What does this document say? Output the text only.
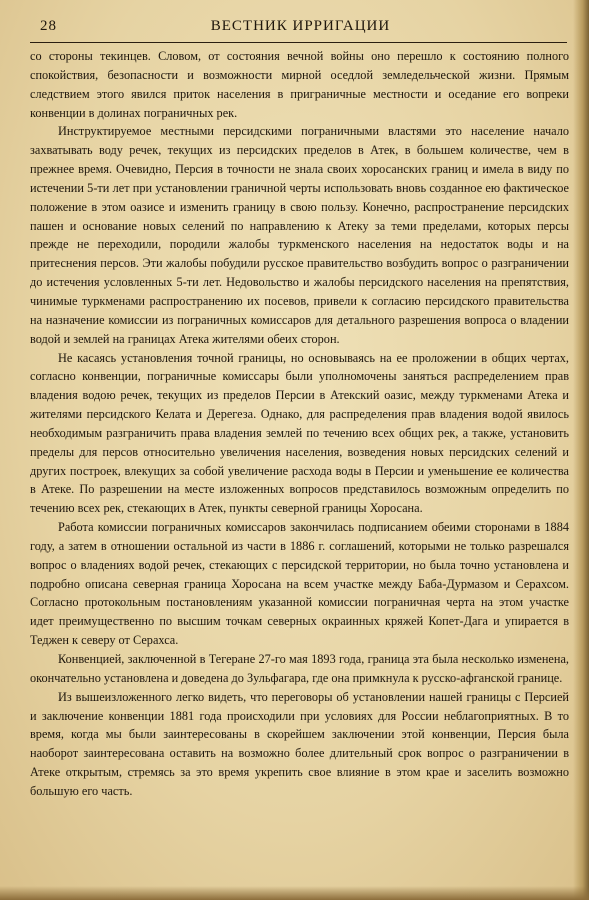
28	ВЕСТНИК ИРРИГАЦИИ

со стороны текинцев. Словом, от состояния вечной войны оно перешло к состоянию полного спокойствия, безопасности и возможности мирной оседлой земледельческой жизни. Прямым следствием этого явился приток населения в приграничные местности и оседание его вопреки конвенции в долинах пограничных рек.

Инструктируемое местными персидскими пограничными властями это население начало захватывать воду речек, текущих из персидских пределов в Атек, в большем количестве, чем в прежнее время. Очевидно, Персия в точности не знала своих хоросанских границ и имела в виду по истечении 5-ти лет при установлении граничной черты использовать вновь созданное ею фактическое положение в этом оазисе и изменить границу в свою пользу. Конечно, распространение персидских пашен и основание новых селений по направлению к Атеку за теми пределами, которых персы прежде не переходили, породили жалобы туркменского населения на недостаток воды и на притеснения персов. Эти жалобы побудили русское правительство возбудить вопрос о разграничении до истечения условленных 5-ти лет. Недовольство и жалобы персидского населения на препятствия, чинимые туркменами распространению их посевов, привели к согласию персидского правительства на назначение комиссии из пограничных комиссаров для детального разрешения вопроса о владении водой и землей на границах Атека жителями обеих сторон.

Не касаясь установления точной границы, но основываясь на ее проложении в общих чертах, согласно конвенции, пограничные комиссары были уполномочены заняться распределением прав владения водою речек, текущих из пределов Персии в Атекский оазис, между туркменами Атека и жителями персидского Келата и Дерегеза. Однако, для распределения прав владения водой явилось необходимым разграничить права владения землей по течению всех общих рек, а также, установить пределы для персов относительно увеличения населения, возведения новых персидских селений и других построек, влекущих за собой увеличение расхода воды в Персии и уменьшение ее количества в Атеке. По разрешении на месте изложенных вопросов представилось возможным определить по течению всех рек, стекающих в Атек, пункты северной границы Хоросана.

Работа комиссии пограничных комиссаров закончилась подписанием обеими сторонами в 1884 году, а затем в отношении остальной из части в 1886 г. соглашений, которыми не только разрешался вопрос о владениях водой речек, стекающих с персидской территории, но была точно установлена и подробно описана северная граница Хоросана на всем участке между Баба-Дурмазом и Серахсом. Согласно протокольным постановлениям указанной комиссии пограничная черта на этом участке идет преимущественно по высшим точкам северных окраинных кряжей Копет-Дага и упирается в Теджен к северу от Серахса.

Конвенцией, заключенной в Тегеране 27-го мая 1893 года, граница эта была несколько изменена, окончательно установлена и доведена до Зульфагара, где она примкнула к русско-афганской границе.

Из вышеизложенного легко видеть, что переговоры об установлении нашей границы с Персией и заключение конвенции 1881 года происходили при условиях для России неблагоприятных. В то время, когда мы были заинтересованы в скорейшем заключении этой конвенции, Персия была наоборот заинтересована оставить на возможно более длительный срок вопрос о разграничении в Атеке открытым, стремясь за это время укрепить свое влияние в этом крае и заселить возможно большую его часть.
